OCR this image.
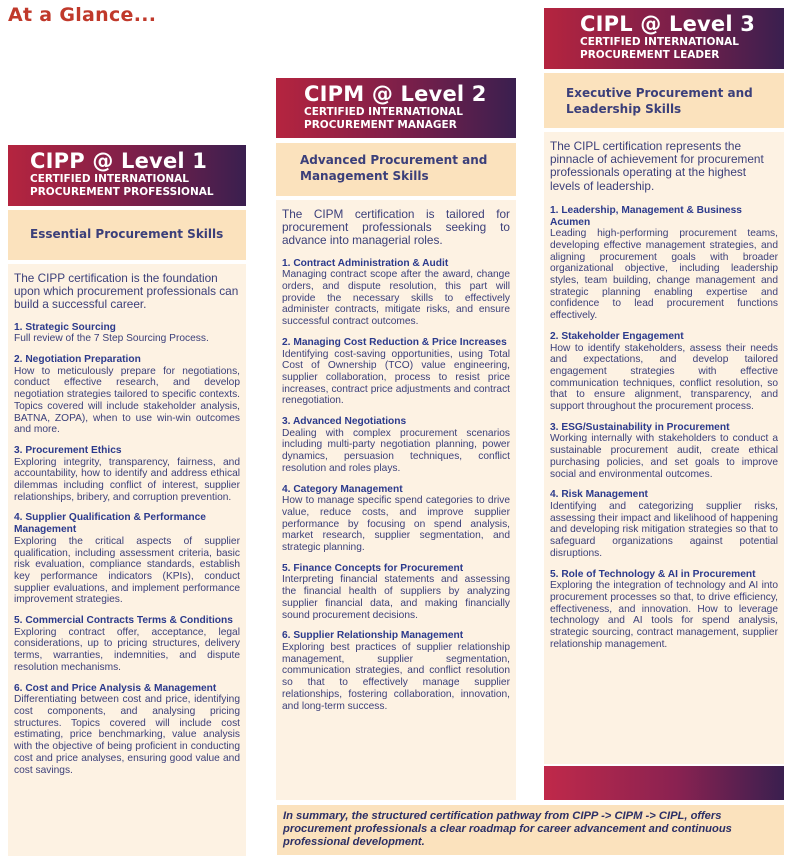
At a Glance...
CIPP @ Level 1
CERTIFIED INTERNATIONAL
PROCUREMENT PROFESSIONAL
Essential Procurement Skills
The CIPP certification is the foundation upon which procurement professionals can build a successful career.
1. Strategic Sourcing
Full review of the 7 Step Sourcing Process.
2. Negotiation Preparation
How to meticulously prepare for negotiations, conduct effective research, and develop negotiation strategies tailored to specific contexts. Topics covered will include stakeholder analysis, BATNA, ZOPA), when to use win-win outcomes and more.
3. Procurement Ethics
Exploring integrity, transparency, fairness, and accountability, how to identify and address ethical dilemmas including conflict of interest, supplier relationships, bribery, and corruption prevention.
4. Supplier Qualification & Performance Management
Exploring the critical aspects of supplier qualification, including assessment criteria, basic risk evaluation, compliance standards, establish key performance indicators (KPIs), conduct supplier evaluations, and implement performance improvement strategies.
5. Commercial Contracts Terms & Conditions
Exploring contract offer, acceptance, legal considerations, up to pricing structures, delivery terms, warranties, indemnities, and dispute resolution mechanisms.
6. Cost and Price Analysis & Management
Differentiating between cost and price, identifying cost components, and analysing pricing structures. Topics covered will include cost estimating, price benchmarking, value analysis with the objective of being proficient in conducting cost and price analyses, ensuring good value and cost savings.
CIPM @ Level 2
CERTIFIED INTERNATIONAL
PROCUREMENT MANAGER
Advanced Procurement and Management Skills
The CIPM certification is tailored for procurement professionals seeking to advance into managerial roles.
1. Contract Administration & Audit
Managing contract scope after the award, change orders, and dispute resolution, this part will provide the necessary skills to effectively administer contracts, mitigate risks, and ensure successful contract outcomes.
2. Managing Cost Reduction & Price Increases
Identifying cost-saving opportunities, using Total Cost of Ownership (TCO) value engineering, supplier collaboration, process to resist price increases, contract price adjustments and contract renegotiation.
3. Advanced Negotiations
Dealing with complex procurement scenarios including multi-party negotiation planning, power dynamics, persuasion techniques, conflict resolution and roles plays.
4. Category Management
How to manage specific spend categories to drive value, reduce costs, and improve supplier performance by focusing on spend analysis, market research, supplier segmentation, and strategic planning.
5. Finance Concepts for Procurement
Interpreting financial statements and assessing the financial health of suppliers by analyzing supplier financial data, and making financially sound procurement decisions.
6. Supplier Relationship Management
Exploring best practices of supplier relationship management, supplier segmentation, communication strategies, and conflict resolution so that to effectively manage supplier relationships, fostering collaboration, innovation, and long-term success.
CIPL @ Level 3
CERTIFIED INTERNATIONAL
PROCUREMENT LEADER
Executive Procurement and Leadership Skills
The CIPL certification represents the pinnacle of achievement for procurement professionals operating at the highest levels of leadership.
1. Leadership, Management & Business Acumen
Leading high-performing procurement teams, developing effective management strategies, and aligning procurement goals with broader organizational objective, including leadership styles, team building, change management and strategic planning enabling expertise and confidence to lead procurement functions effectively.
2. Stakeholder Engagement
How to identify stakeholders, assess their needs and expectations, and develop tailored engagement strategies with effective communication techniques, conflict resolution, so that to ensure alignment, transparency, and support throughout the procurement process.
3. ESG/Sustainability in Procurement
Working internally with stakeholders to conduct a sustainable procurement audit, create ethical purchasing policies, and set goals to improve social and environmental outcomes.
4. Risk Management
Identifying and categorizing supplier risks, assessing their impact and likelihood of happening and developing risk mitigation strategies so that to safeguard organizations against potential disruptions.
5. Role of Technology & AI in Procurement
Exploring the integration of technology and AI into procurement processes so that, to drive efficiency, effectiveness, and innovation. How to leverage technology and AI tools for spend analysis, strategic sourcing, contract management, supplier relationship management.
In summary, the structured certification pathway from CIPP -> CIPM -> CIPL, offers procurement professionals a clear roadmap for career advancement and continuous professional development.
